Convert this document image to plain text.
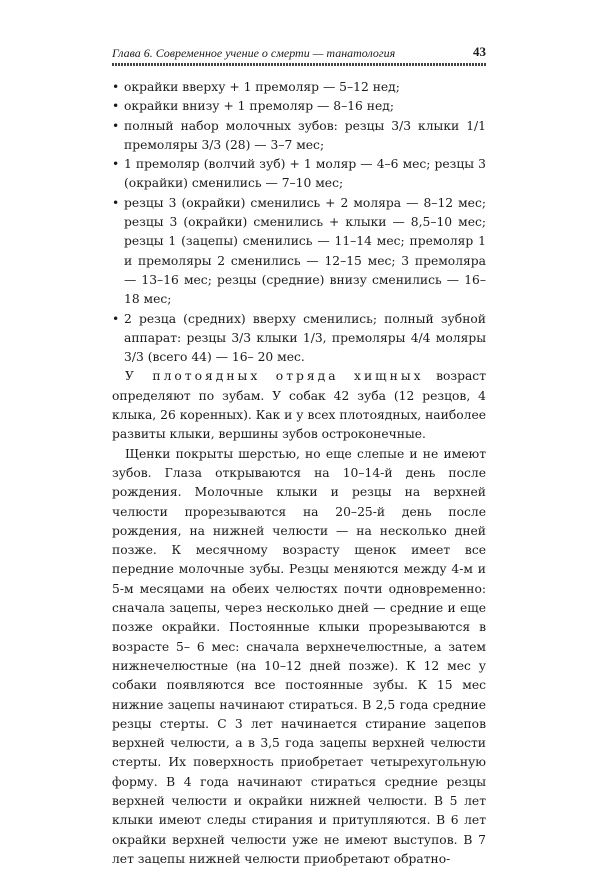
Глава 6. Современное учение о смерти — танатология	43
• окрайки вверху + 1 премоляр — 5–12 нед;
• окрайки внизу + 1 премоляр — 8–16 нед;
• полный набор молочных зубов: резцы 3/3 клыки 1/1 премоляры 3/3 (28) — 3–7 мес;
• 1 премоляр (волчий зуб) + 1 моляр — 4–6 мес; резцы 3 (окрайки) сменились — 7–10 мес;
• резцы 3 (окрайки) сменились + 2 моляра — 8–12 мес; резцы 3 (окрайки) сменились + клыки — 8,5–10 мес; резцы 1 (зацепы) сменились — 11–14 мес; премоляр 1 и премоляры 2 сменились — 12–15 мес; 3 премоляра — 13–16 мес; резцы (средние) внизу сменились — 16–18 мес;
• 2 резца (средних) вверху сменились; полный зубной аппарат: резцы 3/3 клыки 1/3, премоляры 4/4 моляры 3/3 (всего 44) — 16– 20 мес.

У плотоядных отряда хищных возраст определяют по зубам. У собак 42 зуба (12 резцов, 4 клыка, 26 коренных). Как и у всех плотоядных, наиболее развиты клыки, вершины зубов остроконечные.

Щенки покрыты шерстью, но еще слепые и не имеют зубов. Глаза открываются на 10–14-й день после рождения. Молочные клыки и резцы на верхней челюсти прорезываются на 20–25-й день после рождения, на нижней челюсти — на несколько дней позже. К месячному возрасту щенок имеет все передние молочные зубы. Резцы меняются между 4-м и 5-м месяцами на обеих челюстях почти одновременно: сначала зацепы, через несколько дней — средние и еще позже окрайки. Постоянные клыки прорезываются в возрасте 5– 6 мес: сначала верхнечелюстные, а затем нижнечелюстные (на 10–12 дней позже). К 12 мес у собаки появляются все постоянные зубы. К 15 мес нижние зацепы начинают стираться. В 2,5 года средние резцы стерты. С 3 лет начинается стирание зацепов верхней челюсти, а в 3,5 года зацепы верхней челюсти стерты. Их поверхность приобретает четырехугольную форму. В 4 года начинают стираться средние резцы верхней челюсти и окрайки нижней челюсти. В 5 лет клыки имеют следы стирания и притупляются. В 6 лет окрайки верхней челюсти уже не имеют выступов. В 7 лет зацепы нижней челюсти приобретают обратно-
